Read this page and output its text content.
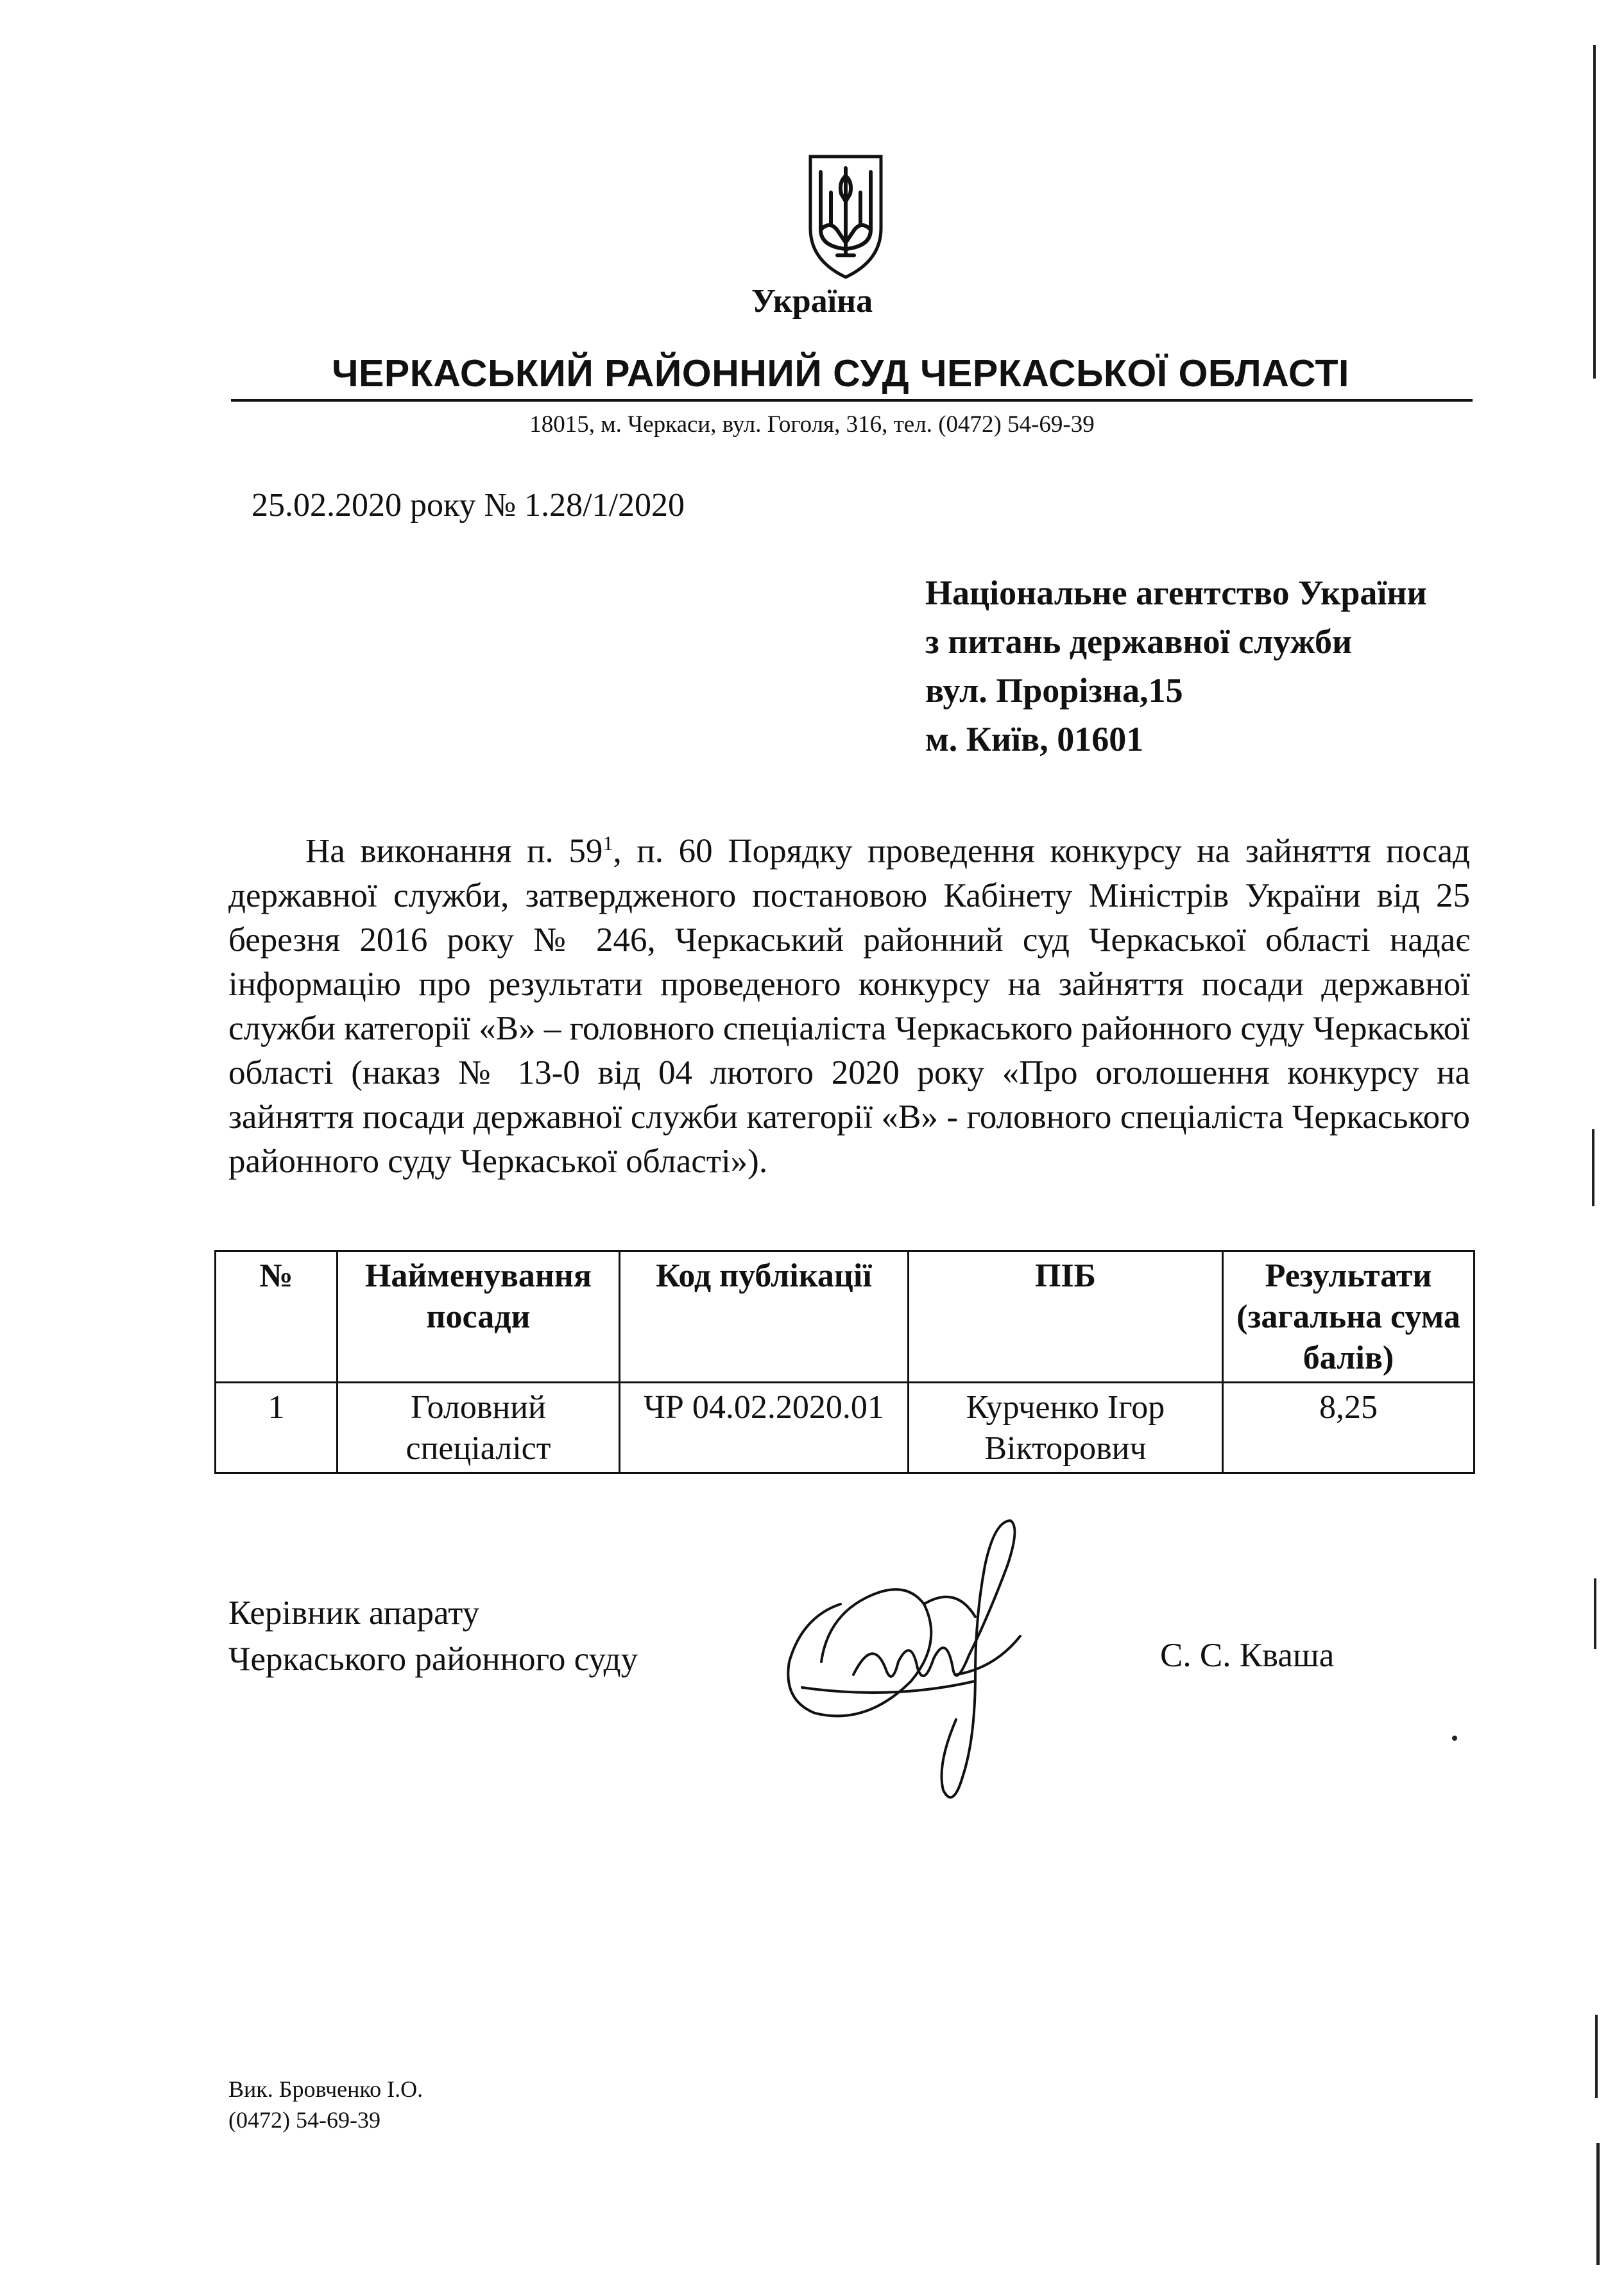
Україна
ЧЕРКАСЬКИЙ РАЙОННИЙ СУД ЧЕРКАСЬКОЇ ОБЛАСТІ
18015, м. Черкаси, вул. Гоголя, 316, тел. (0472) 54-69-39
25.02.2020 року № 1.28/1/2020
Національне агентство України
з питань державної служби
вул. Прорізна,15
м. Київ, 01601

На виконання п. $59^1$, п. 60 Порядку проведення конкурсу на зайняття посад державної служби, затвердженого постановою Кабінету Міністрів України від 25 березня 2016 року № 246, Черкаський районний суд Черкаської області надає інформацію про результати проведеного конкурсу на зайняття посади державної служби категорії «В» – головного спеціаліста Черкаського районного суду Черкаської області (наказ № 13-0 від 04 лютого 2020 року «Про оголошення конкурсу на зайняття посади державної служби категорії «В» - головного спеціаліста Черкаського районного суду Черкаської області»).

№	Найменування посади	Код публікації	ПІБ	Результати (загальна сума балів)
1	Головний спеціаліст	ЧР 04.02.2020.01	Курченко Ігор Вікторович	8,25
Керівник апарату
Черкаського районного суду	С. С. Кваша
Вик. Бровченко І.О.
(0472) 54-69-39
